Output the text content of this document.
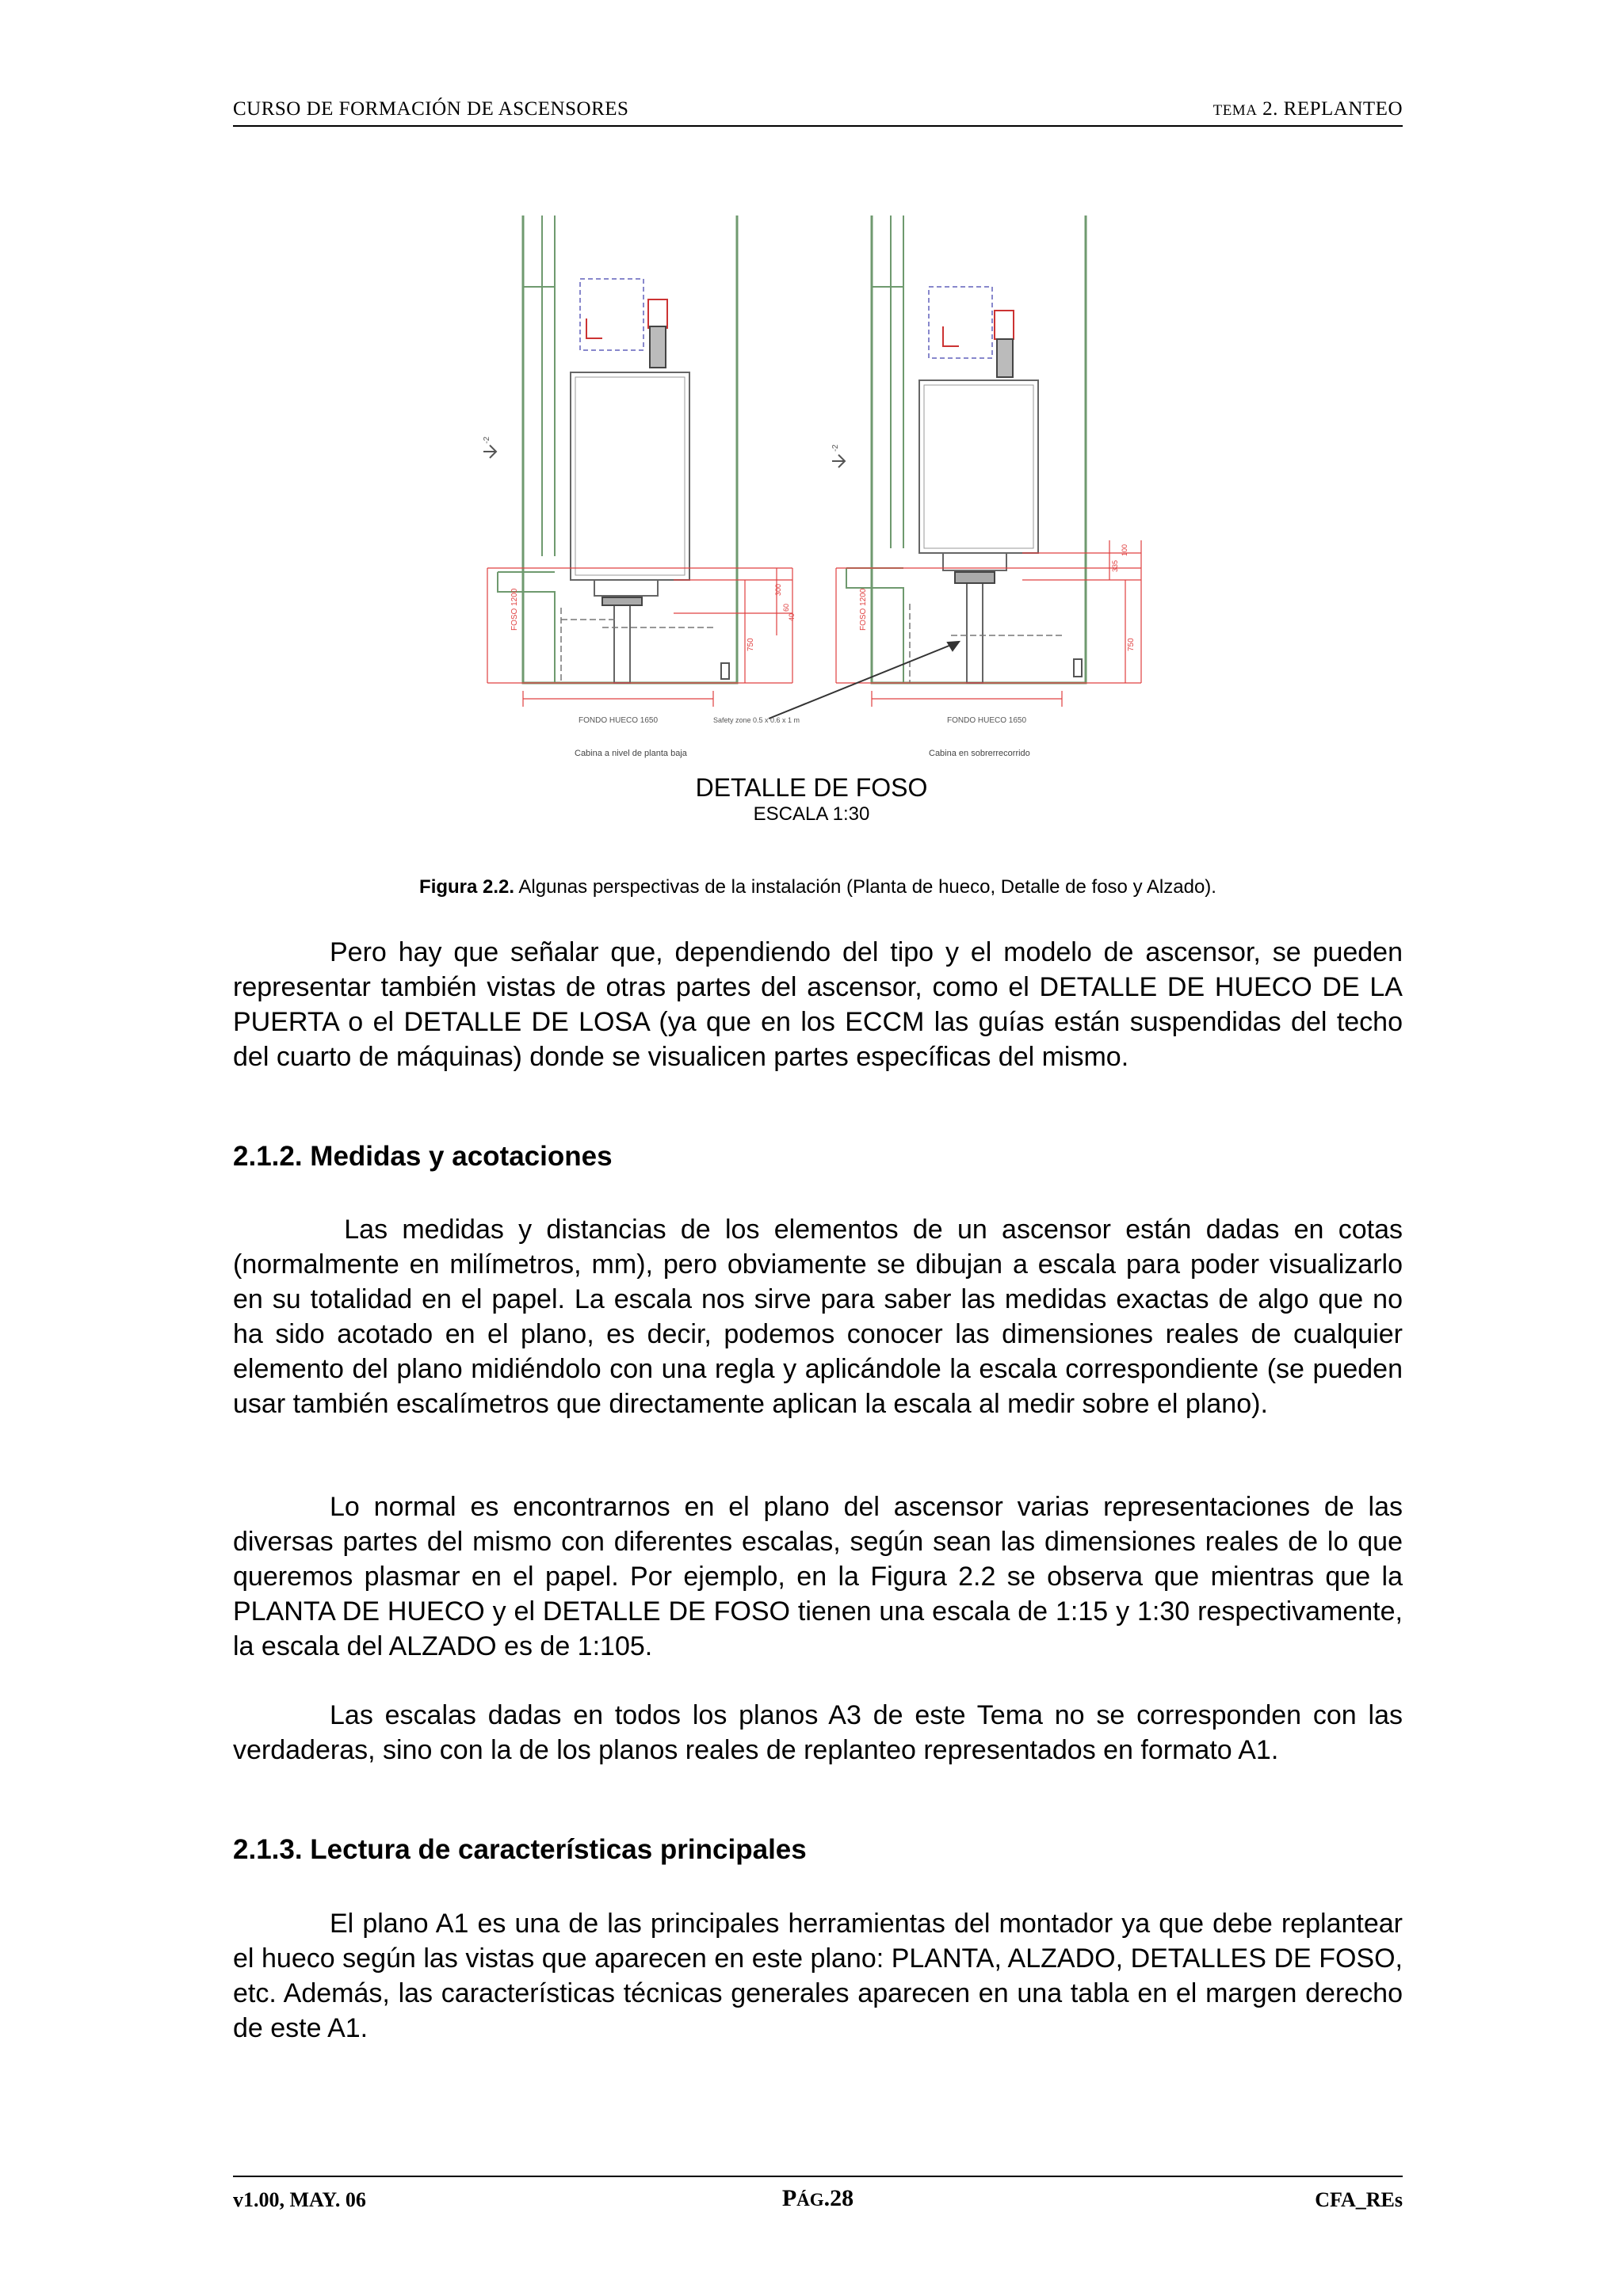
CURSO DE FORMACIÓN DE ASCENSORES	TEMA 2. REPLANTEO
-2
FOSO 1200
750
300
60
40
FONDO HUECO 1650	Safety zone 0.5 x 0.6 x 1 m
Cabina a nivel de planta baja
-2
FOSO 1200
750
335
100
FONDO HUECO 1650
Cabina en sobrerrecorrido
DETALLE DE FOSO
ESCALA 1:30
Figura 2.2. Algunas perspectivas de la instalación (Planta de hueco, Detalle de foso y Alzado).

Pero hay que señalar que, dependiendo del tipo y el modelo de ascensor, se pueden representar también vistas de otras partes del ascensor, como el DETALLE DE HUECO DE LA PUERTA o el DETALLE DE LOSA (ya que en los ECCM las guías están suspendidas del techo del cuarto de máquinas) donde se visualicen partes específicas del mismo.

2.1.2. Medidas y acotaciones

Las medidas y distancias de los elementos de un ascensor están dadas en cotas (normalmente en milímetros, mm), pero obviamente se dibujan a escala para poder visualizarlo en su totalidad en el papel. La escala nos sirve para saber las medidas exactas de algo que no ha sido acotado en el plano, es decir, podemos conocer las dimensiones reales de cualquier elemento del plano midiéndolo con una regla y aplicándole la escala correspondiente (se pueden usar también escalímetros que directamente aplican la escala al medir sobre el plano).

Lo normal es encontrarnos en el plano del ascensor varias representaciones de las diversas partes del mismo con diferentes escalas, según sean las dimensiones reales de lo que queremos plasmar en el papel. Por ejemplo, en la Figura 2.2 se observa que mientras que la PLANTA DE HUECO y el DETALLE DE FOSO tienen una escala de 1:15 y 1:30 respectivamente, la escala del ALZADO es de 1:105.

Las escalas dadas en todos los planos A3 de este Tema no se corresponden con las verdaderas, sino con la de los planos reales de replanteo representados en formato A1.

2.1.3. Lectura de características principales

El plano A1 es una de las principales herramientas del montador ya que debe replantear el hueco según las vistas que aparecen en este plano: PLANTA, ALZADO, DETALLES DE FOSO, etc. Además, las características técnicas generales aparecen en una tabla en el margen derecho de este A1.

v1.00, MAY. 06	PÁG.28	CFA_REs
